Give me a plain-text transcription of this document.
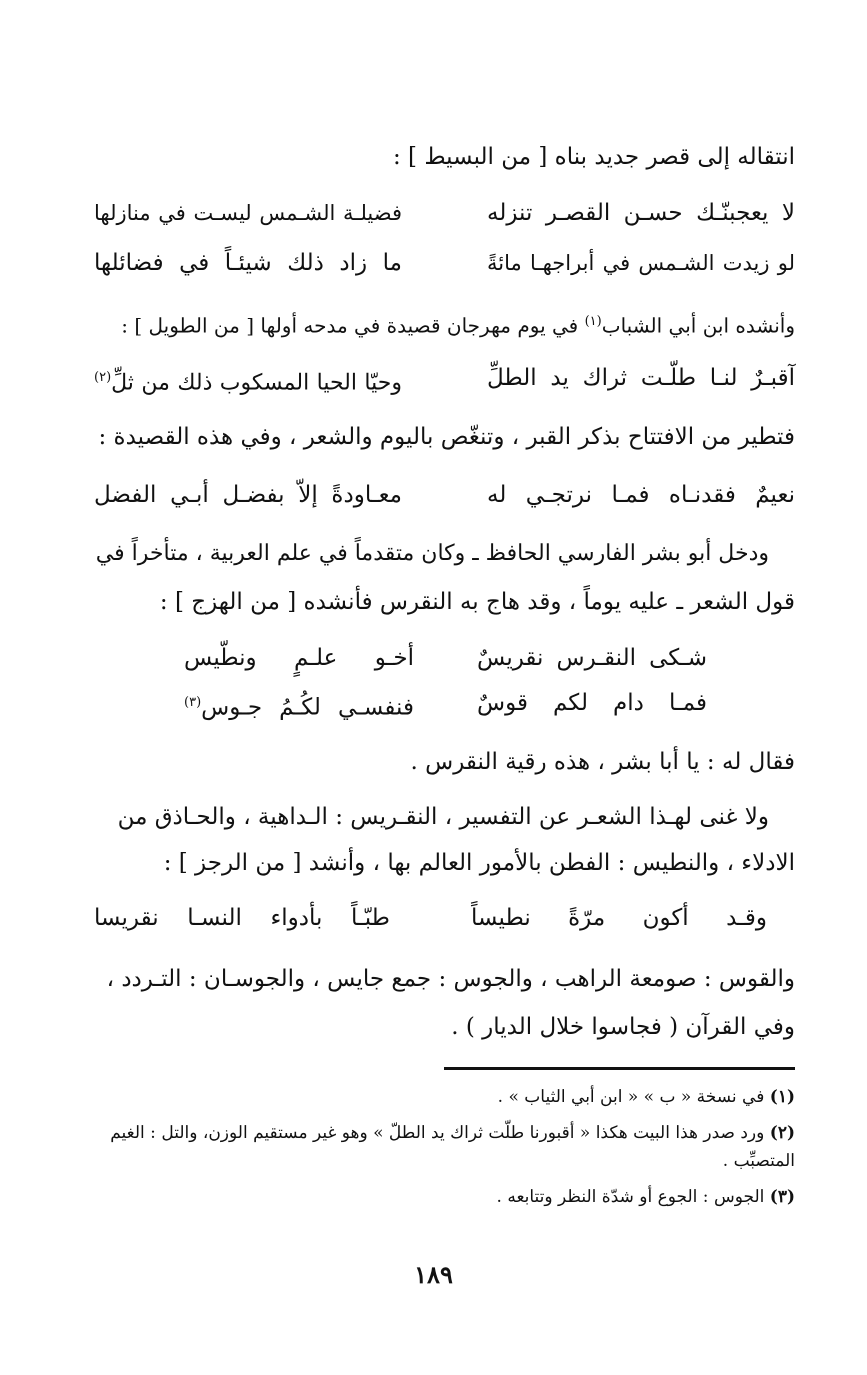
انتقاله إلى قصر جديد بناه [ من البسيط ] :
لا يعجبنّـك حسـن القصـر تنزله
فضيلـة الشـمس ليسـت في منازلها
لو زيدت الشـمس في أبراجهـا مائةً
ما زاد ذلك شيئـاً في فضائلها
وأنشده ابن أبي الشباب$^{(١)}$ في يوم مهرجان قصيدة في مدحه أولها [ من الطويل ] :
آقبـرٌ لنـا طلّـت ثراك يد الطلِّ
وحيّا الحيا المسكوب ذلك من ثلِّ$^{(٢)}$
فتطير من الافتتاح بذكر القبر ، وتنغّص باليوم والشعر ، وفي هذه القصيدة :
نعيمٌ فقدنـاه فمـا نرتجـي له
معـاودةً إلاّ بفضـل أبـي الفضل
ودخل أبو بشر الفارسي الحافظ ـ وكان متقدماً في علم العربية ، متأخراً في
قول الشعر ـ عليه يوماً ، وقد هاج به النقرس فأنشده [ من الهزج ] :
شـكى النقـرس نقريسٌ
أخـو علـمٍ ونطّيس
فمـا دام لكم قوسٌ
فنفسـي لكُـمُ جـوس$^{(٣)}$
فقال له : يا أبا بشر ، هذه رقية النقرس .
ولا غنى لهـذا الشعـر عن التفسير ، النقـريس : الـداهية ، والحـاذق من
الادلاء ، والنطيس : الفطن بالأمور العالم بها ، وأنشد [ من الرجز ] :
وقـد أكون مرّةً نطيساً
طبّـاً بأدواء النسـا نقريسا
والقوس : صومعة الراهب ، والجوس : جمع جايس ، والجوسـان : التـردد ،
وفي القرآن ( فجاسوا خلال الديار ) .
(١) في نسخة « ب » « ابن أبي الثياب » .
(٢) ورد صدر هذا البيت هكذا « أقبورنا طلّت ثراك يد الطلّ » وهو غير مستقيم الوزن، والتل : الغيم
المتصبِّب .
(٣) الجوس : الجوع أو شدّة النظر وتتابعه .
١٨٩
